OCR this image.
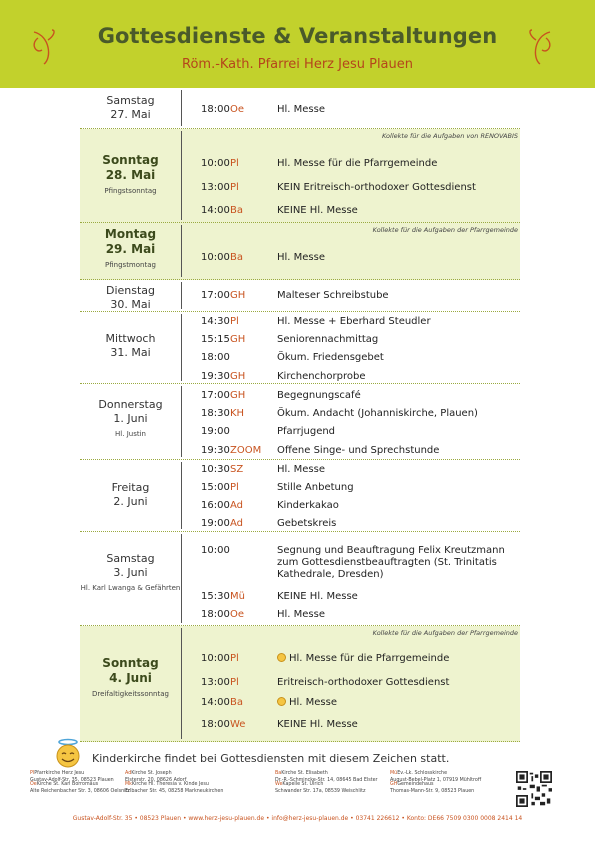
Gottesdienste & Veranstaltungen
Röm.-Kath. Pfarrei Herz Jesu Plauen
Samstag
27. Mai	18:00 Oe	Hl. Messe
Kollekte für die Aufgaben von RENOVABIS
Sonntag
28. Mai
Pfingstsonntag
10:00 Pl	Hl. Messe für die Pfarrgemeinde
13:00 Pl	KEIN Eritreisch-orthodoxer Gottesdienst
14:00 Ba	KEINE Hl. Messe
Kollekte für die Aufgaben der Pfarrgemeinde
Montag
29. Mai
Pfingstmontag
10:00 Ba	Hl. Messe
Dienstag
30. Mai
17:00 GH	Malteser Schreibstube
Mittwoch
31. Mai
14:30 Pl	Hl. Messe + Eberhard Steudler
15:15 GH	Seniorennachmittag
18:00	Ökum. Friedensgebet
19:30 GH	Kirchenchorprobe
Donnerstag
1. Juni
Hl. Justin
17:00 GH	Begegnungscafé
18:30 KH	Ökum. Andacht (Johanniskirche, Plauen)
19:00	Pfarrjugend
19:30 ZOOM Offene Singe- und Sprechstunde
Freitag
2. Juni
10:30 SZ	Hl. Messe
15:00 Pl	Stille Anbetung
16:00 Ad	Kinderkakao
19:00 Ad	Gebetskreis
Samstag
3. Juni
Hl. Karl Lwanga & Gefährten
10:00	Segnung und Beauftragung Felix Kreutzmann zum Gottesdienstbeauftragten (St. Trinitatis Kathedrale, Dresden)
15:30 Mü	KEINE Hl. Messe
18:00 Oe	Hl. Messe
Kollekte für die Aufgaben der Pfarrgemeinde
Sonntag
4. Juni
Dreifaltigkeitssonntag
10:00 Pl	Hl. Messe für die Pfarrgemeinde
13:00 Pl	Eritreisch-orthodoxer Gottesdienst
14:00 Ba	Hl. Messe
18:00 We	KEINE Hl. Messe
Kinderkirche findet bei Gottesdiensten mit diesem Zeichen statt.
PlPfarrkirche Herz Jesu
Gustav-Adolf-Str. 35, 08523 Plauen
OeKirche St. Karl Borromäus
Alte Reichenbacher Str. 3, 08606 Oelsnitz
AdKirche St. Joseph
Elsterstr. 20, 08626 Adorf
MkKirche Hl. Theresia v. Kinde Jesu
Erlbacher Str. 45, 08258 Markneukirchen
BaKirche St. Elisabeth
Dr.-R.-Schmincke-Str. 14, 08645 Bad Elster
WeKapelle St. Ulrich
Schwander Str. 17a, 08539 Weischlitz
MüEv.-Lk. Schlosskirche
August-Bebel-Platz 1, 07919 Mühltroff
GHGemeindehaus
Thomas-Mann-Str. 9, 08523 Plauen
Gustav-Adolf-Str. 35 • 08523 Plauen • www.herz-jesu-plauen.de • info@herz-jesu-plauen.de • 03741 226612 • Konto: DE66 7509 0300 0008 2414 14
